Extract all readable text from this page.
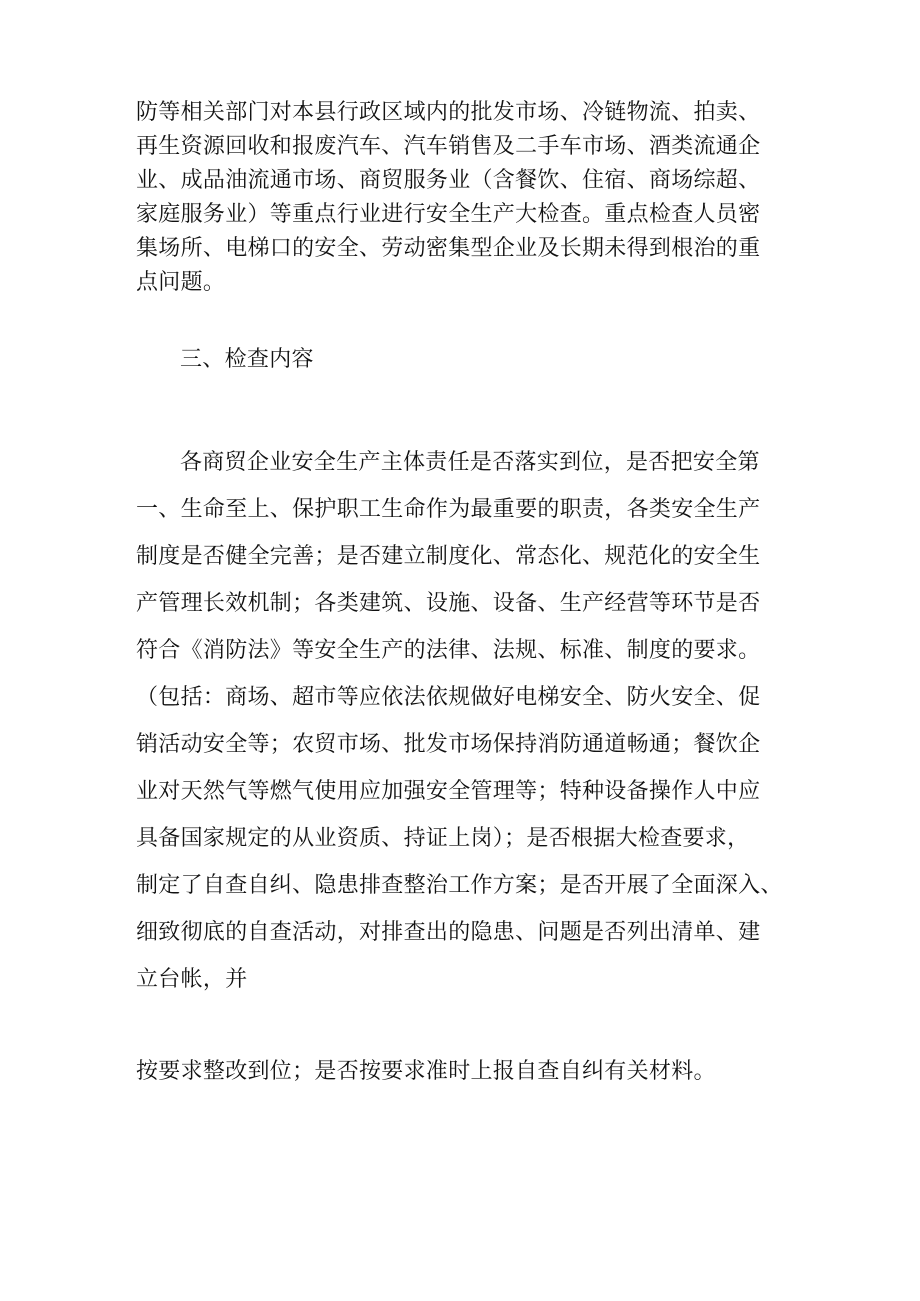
防等相关部门对本县行政区域内的批发市场、冷链物流、拍卖、
再生资源回收和报废汽车、汽车销售及二手车市场、酒类流通企
业、成品油流通市场、商贸服务业（含餐饮、住宿、商场综超、
家庭服务业）等重点行业进行安全生产大检查。重点检查人员密
集场所、电梯口的安全、劳动密集型企业及长期未得到根治的重
点问题。
三、检查内容
各商贸企业安全生产主体责任是否落实到位，是否把安全第
一、生命至上、保护职工生命作为最重要的职责，各类安全生产
制度是否健全完善；是否建立制度化、常态化、规范化的安全生
产管理长效机制；各类建筑、设施、设备、生产经营等环节是否
符合《消防法》等安全生产的法律、法规、标准、制度的要求。
（包括：商场、超市等应依法依规做好电梯安全、防火安全、促
销活动安全等；农贸市场、批发市场保持消防通道畅通；餐饮企
业对天然气等燃气使用应加强安全管理等；特种设备操作人中应
具备国家规定的从业资质、持证上岗）；是否根据大检查要求，
制定了自查自纠、隐患排查整治工作方案；是否开展了全面深入、
细致彻底的自查活动，对排查出的隐患、问题是否列出清单、建
立台帐，并
按要求整改到位；是否按要求准时上报自查自纠有关材料。
